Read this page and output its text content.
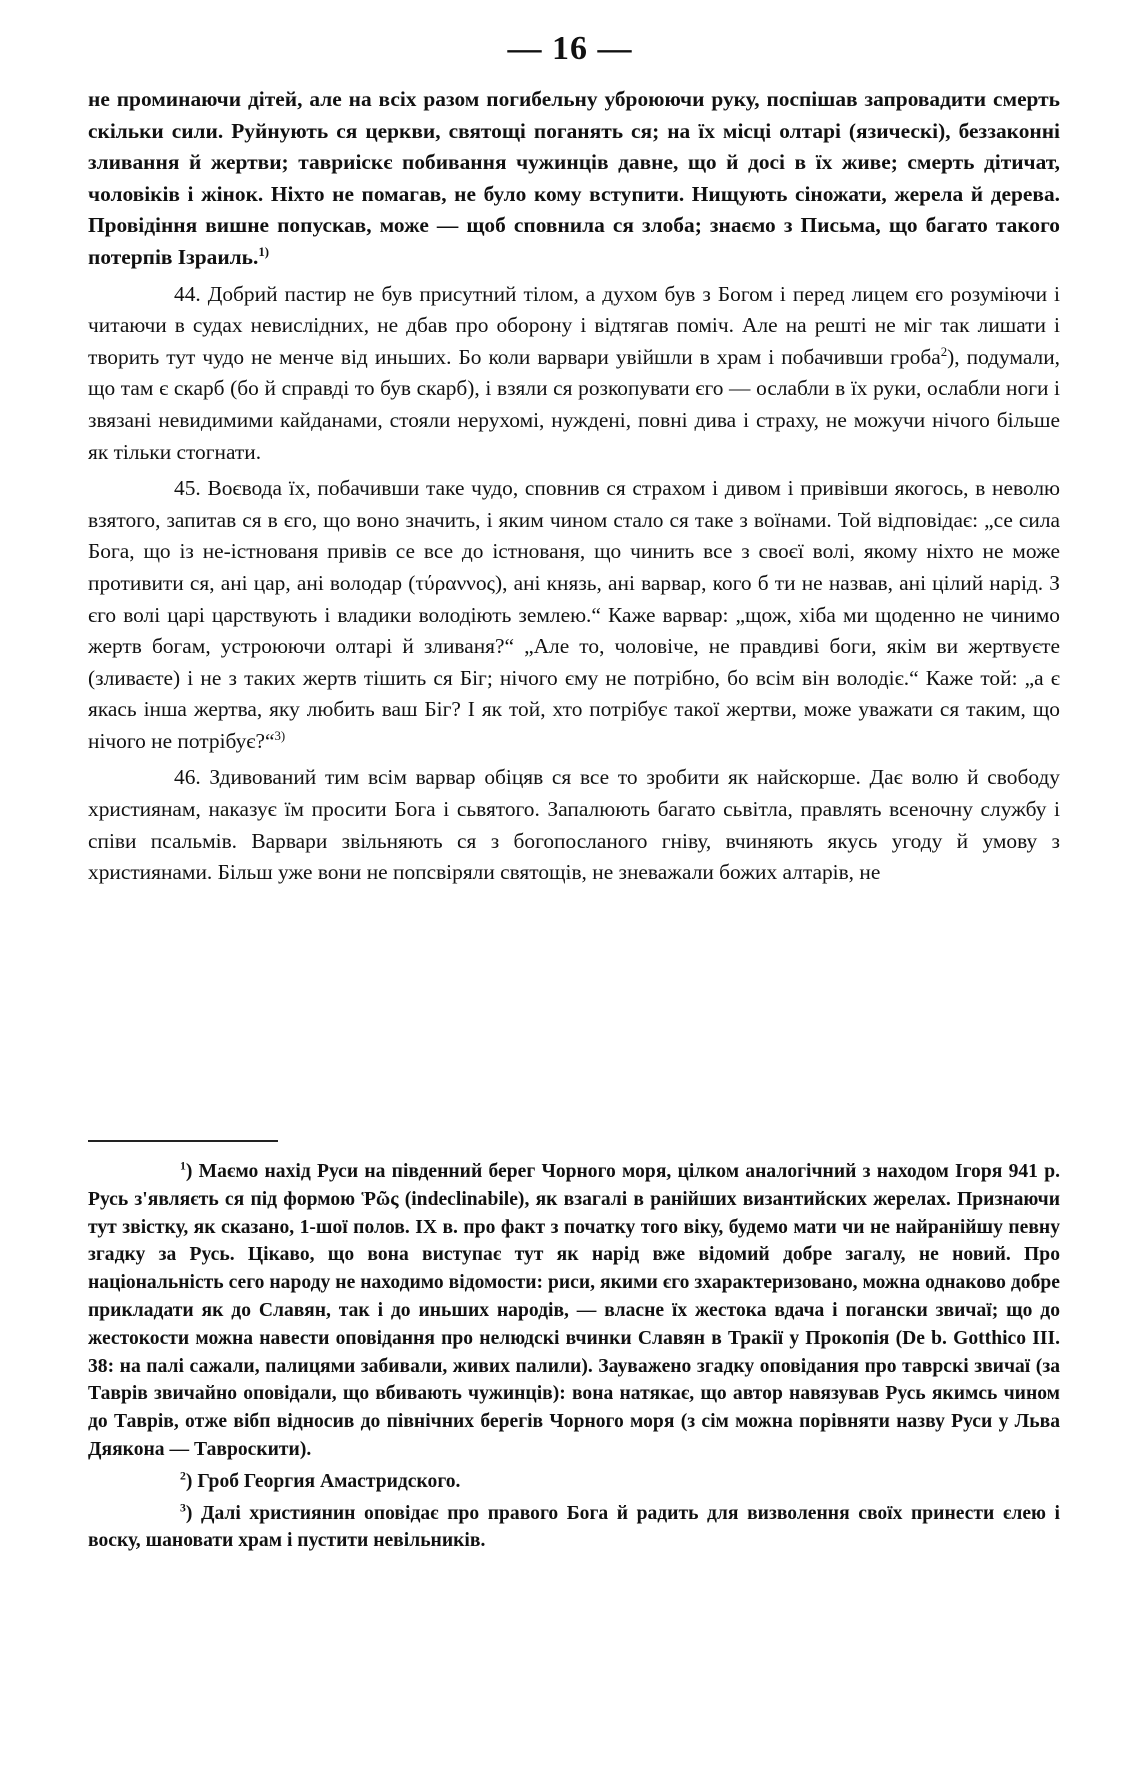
— 16 —

не проминаючи дітей, але на всіх разом погибельну уброюючи руку, поспішав запровадити смерть скільки сили. Руйнують ся церкви, святощі поганять ся; на їх місці олтарі (язическі), беззаконні зливання й жертви; тавриіскє побивання чужинців давне, що й досі в їх живе; смерть дітичат, чоловіків і жінок. Ніхто не помагав, не було кому вступити. Нищують сіножати, жерела й дерева. Провідіння вишне попускав, може — щоб сповнила ся злоба; знаємо з Письма, що багато такого потерпів Ізраиль.$^{1)}$

44. Добрий пастир не був присутний тілом, а духом був з Богом і перед лицем єго розуміючи і читаючи в судах невислідних, не дбав про оборону і відтягав поміч. Але на решті не міг так лишати і творить тут чудо не менче від иньших. Бо коли варвари увійшли в храм і побачивши гроба$^2$), подумали, що там є скарб (бо й справді то був скарб), і взяли ся розкопувати єго — ослабли в їх руки, ослабли ноги і звязані невидимими кайданами, стояли нерухомі, нуждені, повні дива і страху, не можучи нічого більше як тільки стогнати.

45. Воєвода їх, побачивши таке чудо, сповнив ся страхом і дивом і привівши якогось, в неволю взятого, запитав ся в єго, що воно значить, і яким чином стало ся таке з воїнами. Той відповідає: „се сила Бога, що із не-істнованя привів се все до істнованя, що чинить все з своєї волі, якому ніхто не може противити ся, ані цар, ані володар (τύραννος), ані князь, ані варвар, кого б ти не назвав, ані цілий нарід. З єго волі царі царствують і владики володіють землею.“ Каже варвар: „щож, хіба ми щоденно не чинимо жертв богам, устроюючи олтарі й зливаня?“ „Але то, чоловіче, не правдиві боги, якім ви жертвуєте (зливаєте) і не з таких жертв тішить ся Біг; нічого єму не потрібно, бо всім він володіє.“ Каже той: „а є якась інша жертва, яку любить ваш Біг? І як той, хто потрібує такої жертви, може уважати ся таким, що нічого не потрібує?“$^{3)}$

46. Здивований тим всім варвар обіцяв ся все то зробити як найскорше. Дає волю й свободу християнам, наказує їм просити Бога і сьвятого. Запалюють багато сьвітла, правлять всеночну службу і співи псальмів. Варвари звільняють ся з богопосланого гніву, вчиняють якусь угоду й умову з християнами. Більш уже вони не попсвіряли святощів, не зневажали божих алтарів, не

$^1$) Маємо нахід Руси на південний берег Чорного моря, цілком аналогічний з находом Ігоря 941 р. Русь з'являєть ся під формою Ῥῶς (indeclinabile), як взагалі в ранійших византийских жерелах. Признаючи тут звістку, як сказано, 1-шої полов. IX в. про факт з початку того віку, будемо мати чи не найранійшу певну згадку за Русь. Цікаво, що вона виступає тут як нарід вже відомий добре загалу, не новий. Про національність сего народу не находимо відомости: риси, якими єго зхарактеризовано, можна однаково добре прикладати як до Славян, так і до иньших народів, — власне їх жестока вдача і погански звичаї; що до жестокости можна навести оповідання про нелюдскі вчинки Славян в Тракії у Прокопія (De b. Gotthico III. 38: на палі сажали, палицями забивали, живих палили). Зауважено згадку оповідания про таврскі звичаї (за Таврів звичайно оповідали, що вбивають чужинців): вона натякає, що автор навязував Русь якимсь чином до Таврів, отже вібп відносив до північних берегів Чорного моря (з сім можна порівняти назву Руси у Льва Дяякона — Тавроскити).

$^2$) Гроб Георгия Амастридского.

$^3$) Далі християнин оповідає про правого Бога й радить для визволення своїх принести єлею і воску, шановати храм і пустити невільників.
